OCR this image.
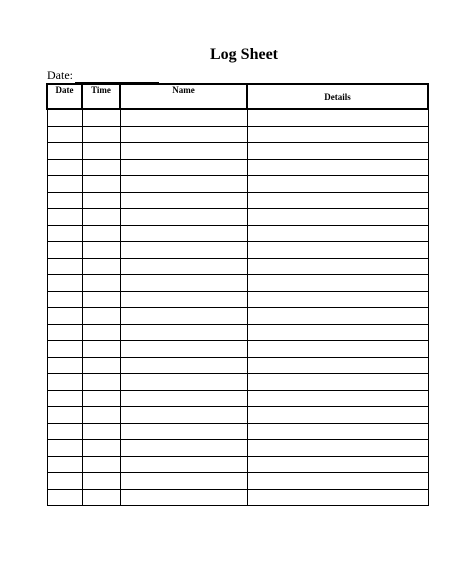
Log Sheet
Date:
Date	Time	Name	Details
